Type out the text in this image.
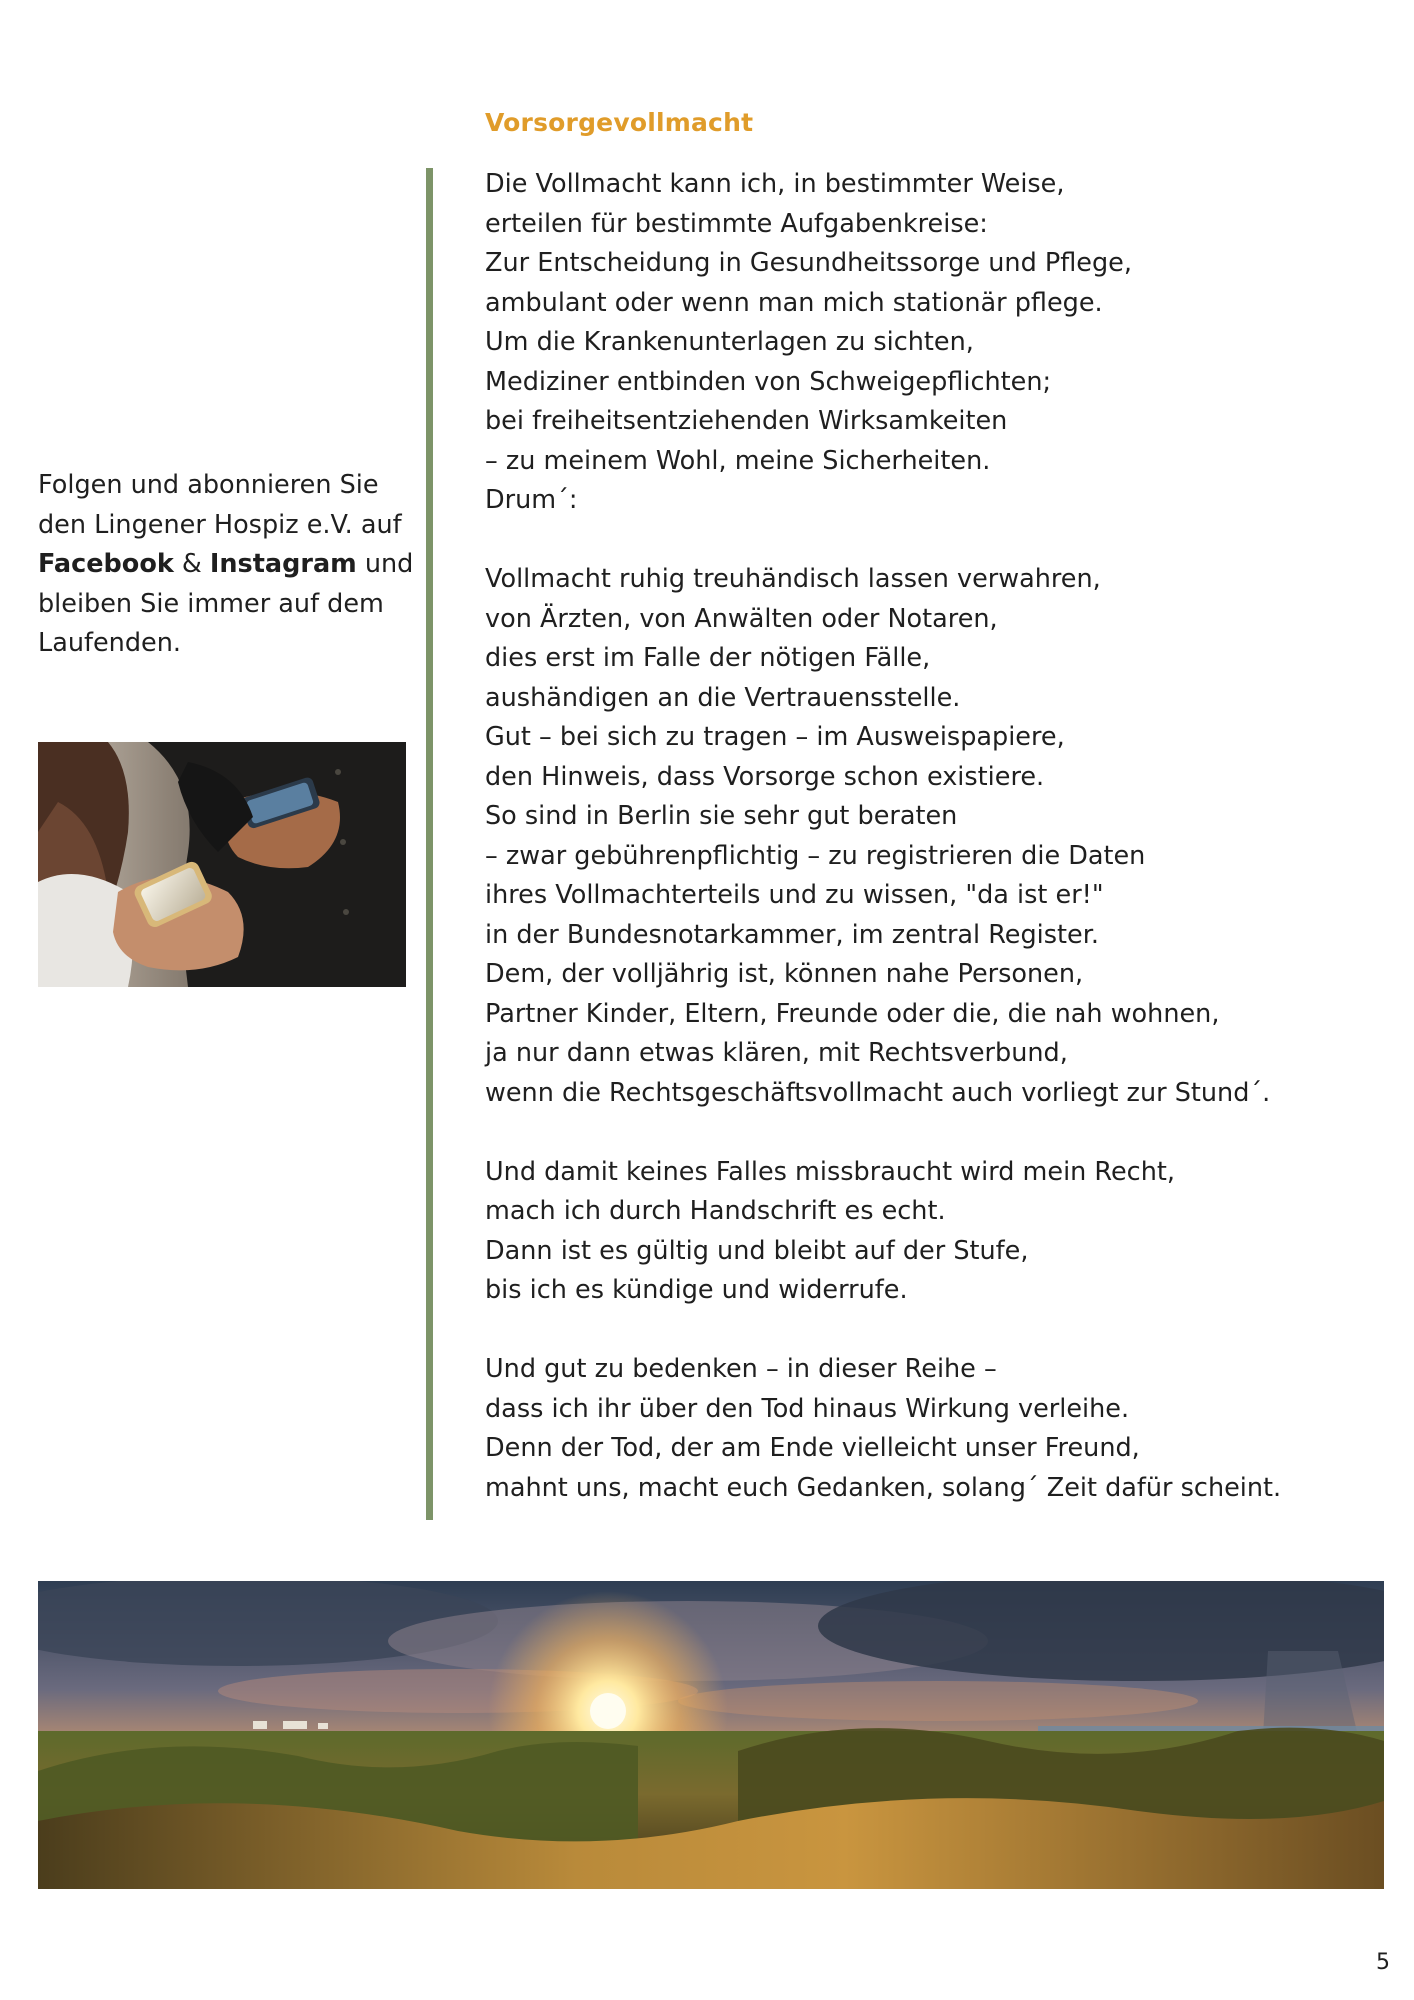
Vorsorgevollmacht
Die Vollmacht kann ich, in bestimmter Weise,
erteilen für bestimmte Aufgabenkreise:
Zur Entscheidung in Gesundheitssorge und Pflege,
ambulant oder wenn man mich stationär pflege.
Um die Krankenunterlagen zu sichten,
Mediziner entbinden von Schweigepflichten;
bei freiheitsentziehenden Wirksamkeiten
– zu meinem Wohl, meine Sicherheiten.
Drum´:
Vollmacht ruhig treuhändisch lassen verwahren,
von Ärzten, von Anwälten oder Notaren,
dies erst im Falle der nötigen Fälle,
aushändigen an die Vertrauensstelle.
Gut – bei sich zu tragen – im Ausweispapiere,
den Hinweis, dass Vorsorge schon existiere.
So sind in Berlin sie sehr gut beraten
– zwar gebührenpflichtig – zu registrieren die Daten
ihres Vollmachterteils und zu wissen, "da ist er!"
in der Bundesnotarkammer, im zentral Register.
Dem, der volljährig ist, können nahe Personen,
Partner Kinder, Eltern, Freunde oder die, die nah wohnen,
ja nur dann etwas klären, mit Rechtsverbund,
wenn die Rechtsgeschäftsvollmacht auch vorliegt zur Stund´.
Und damit keines Falles missbraucht wird mein Recht,
mach ich durch Handschrift es echt.
Dann ist es gültig und bleibt auf der Stufe,
bis ich es kündige und widerrufe.
Und gut zu bedenken – in dieser Reihe –
dass ich ihr über den Tod hinaus Wirkung verleihe.
Denn der Tod, der am Ende vielleicht unser Freund,
mahnt uns, macht euch Gedanken, solang´ Zeit dafür scheint.
Folgen und abonnieren Sie den Lingener Hospiz e.V. auf Facebook & Instagram und bleiben Sie immer auf dem Laufenden.
5
